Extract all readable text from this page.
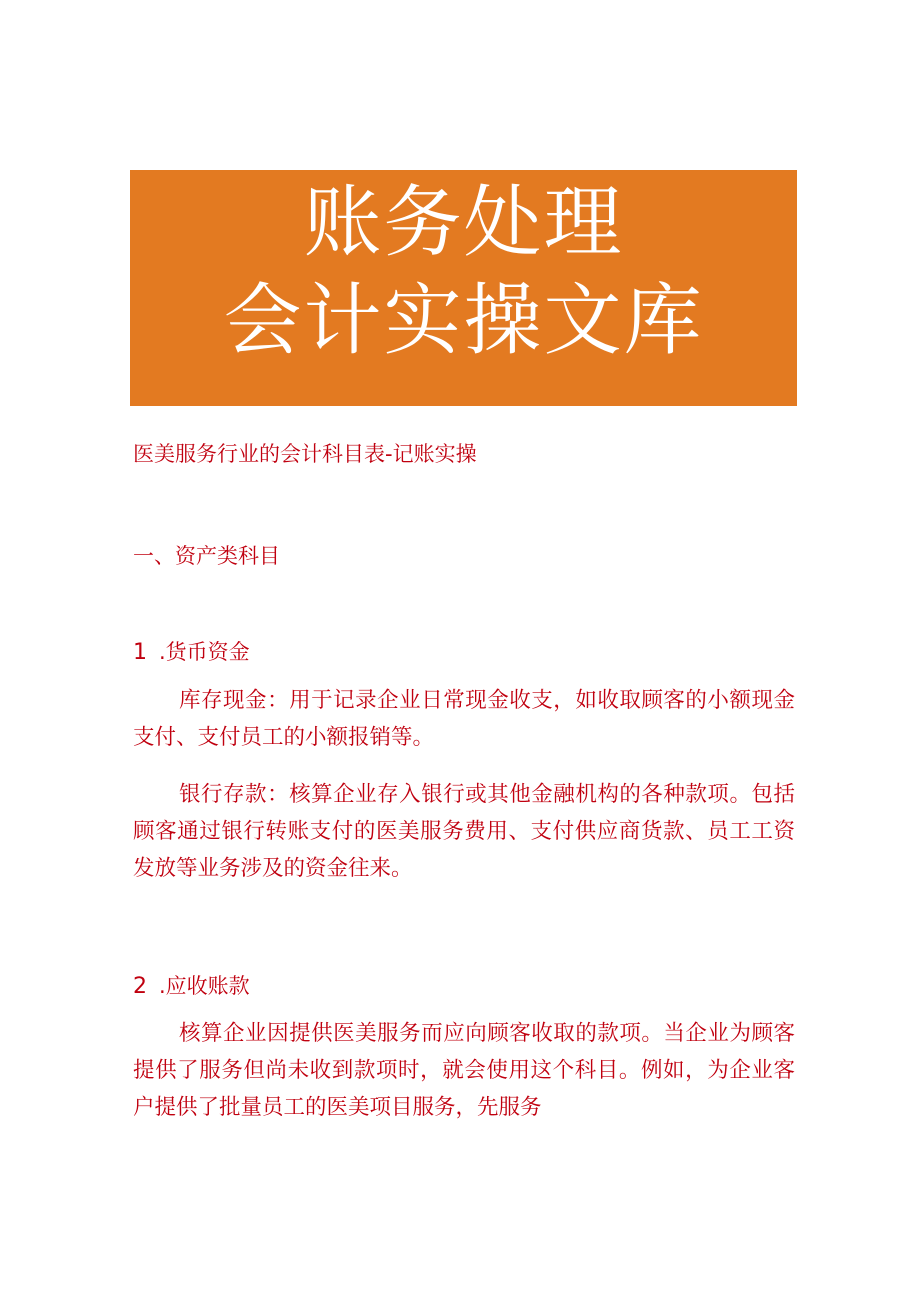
账务处理
会计实操文库
医美服务行业的会计科目表-记账实操
一、资产类科目
1 .货币资金

库存现金：用于记录企业日常现金收支，如收取顾客的小额现金支付、支付员工的小额报销等。

银行存款：核算企业存入银行或其他金融机构的各种款项。包括顾客通过银行转账支付的医美服务费用、支付供应商货款、员工工资发放等业务涉及的资金往来。

2 .应收账款

核算企业因提供医美服务而应向顾客收取的款项。当企业为顾客提供了服务但尚未收到款项时，就会使用这个科目。例如，为企业客户提供了批量员工的医美项目服务，先服务
